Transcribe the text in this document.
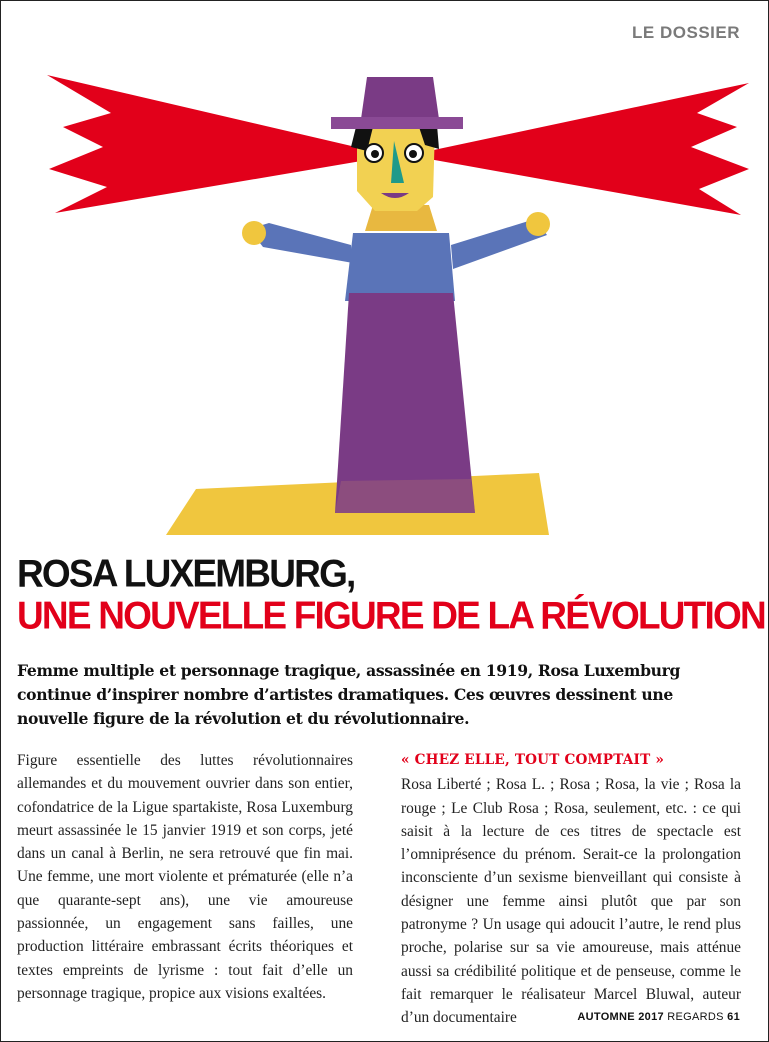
LE DOSSIER
ROSA LUXEMBURG,
UNE NOUVELLE FIGURE DE LA RÉVOLUTION

Femme multiple et personnage tragique, assassinée en 1919, Rosa Luxemburg continue d’inspirer nombre d’artistes dramatiques. Ces œuvres dessinent une nouvelle figure de la révolution et du révolutionnaire.

Figure essentielle des luttes révolutionnaires allemandes et du mouvement ouvrier dans son entier, cofondatrice de la Ligue spartakiste, Rosa Luxemburg meurt assassinée le 15 janvier 1919 et son corps, jeté dans un canal à Berlin, ne sera retrouvé que fin mai. Une femme, une mort violente et prématurée (elle n’a que quarante-sept ans), une vie amoureuse passionnée, un engagement sans failles, une production littéraire embrassant écrits théoriques et textes empreints de lyrisme : tout fait d’elle un personnage tragique, propice aux visions exaltées.
« CHEZ ELLE, TOUT COMPTAIT »
Rosa Liberté ; Rosa L. ; Rosa ; Rosa, la vie ; Rosa la rouge ; Le Club Rosa ; Rosa, seulement, etc. : ce qui saisit à la lecture de ces titres de spectacle est l’omniprésence du prénom. Serait-ce la prolongation inconsciente d’un sexisme bienveillant qui consiste à désigner une femme ainsi plutôt que par son patronyme ? Un usage qui adoucit l’autre, le rend plus proche, polarise sur sa vie amoureuse, mais atténue aussi sa crédibilité politique et de penseuse, comme le fait remarquer le réalisateur Marcel Bluwal, auteur d’un documentaire	AUTOMNE 2017 REGARDS 61
